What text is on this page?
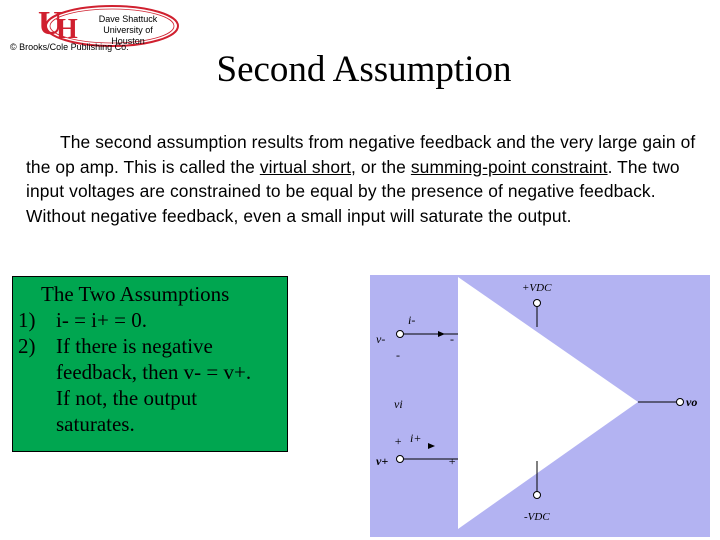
U
H	Dave Shattuck
University of Houston
© Brooks/Cole Publishing Co.
Second Assumption
The second assumption results from negative feedback and the very large gain of the op amp. This is called the virtual short, or the summing-point constraint. The two input voltages are constrained to be equal by the presence of negative feedback. Without negative feedback, even a small input will saturate the output.
The Two Assumptions
1) i- = i+ = 0.
2) If there is negative
feedback, then v- = v+.
If not, the output
saturates.
+VDC
-VDC
i-
v-
-
-
vi
+ i+
v+	+
vo
